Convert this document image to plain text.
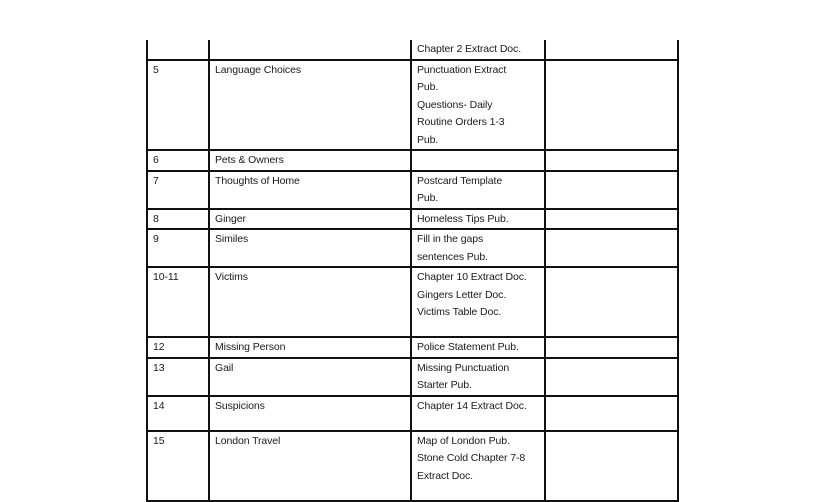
		Chapter 2 Extract Doc.	

5	Language Choices	Punctuation Extract
Pub.
Questions- Daily
Routine Orders 1-3
Pub.	

6	Pets & Owners	

7	Thoughts of Home	Postcard Template
Pub.	

8	Ginger	Homeless Tips Pub.	

9	Similes	Fill in the gaps
sentences Pub.	

10-11	Victims	Chapter 10 Extract Doc.
Gingers Letter Doc.
Victims Table Doc.	

12	Missing Person	Police Statement Pub.	

13	Gail	Missing Punctuation
Starter Pub.	

14	Suspicions	Chapter 14 Extract Doc.	

15	London Travel	Map of London Pub.
Stone Cold Chapter 7-8
Extract Doc.	
